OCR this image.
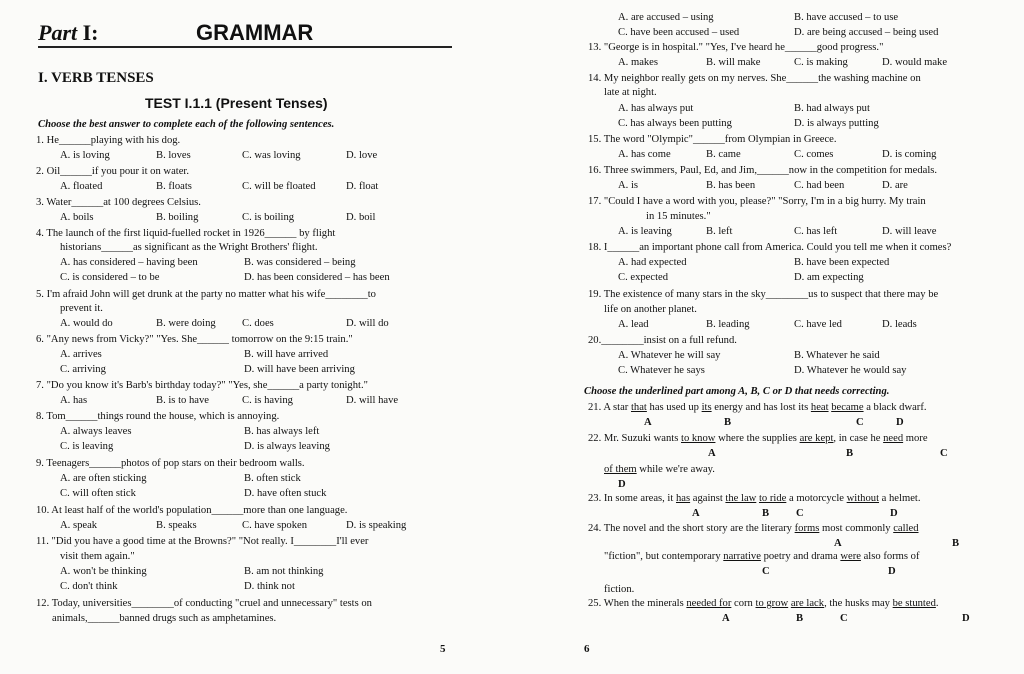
Part I:	GRAMMAR
I. VERB TENSES
TEST I.1.1 (Present Tenses)
Choose the best answer to complete each of the following sentences.
1. He______playing with his dog.
A. is loving	B. loves	C. was loving	D. love
2. Oil______if you pour it on water.
A. floated	B. floats	C. will be floated	D. float
3. Water______at 100 degrees Celsius.
A. boils	B. boiling	C. is boiling	D. boil
4. The launch of the first liquid-fuelled rocket in 1926______ by flight
historians______as significant as the Wright Brothers' flight.
A. has considered – having been	B. was considered – being
C. is considered – to be	D. has been considered – has been
5. I'm afraid John will get drunk at the party no matter what his wife________to
prevent it.
A. would do	B. were doing C. does	D. will do
6. "Any news from Vicky?" "Yes. She______ tomorrow on the 9:15 train."
A. arrives	B. will have arrived
C. arriving	D. will have been arriving
7. "Do you know it's Barb's birthday today?" "Yes, she______a party tonight."
A. has	B. is to have	C. is having	D. will have
8. Tom______things round the house, which is annoying.
A. always leaves	B. has always left
C. is leaving	D. is always leaving
9. Teenagers______photos of pop stars on their bedroom walls.
A. are often sticking	B. often stick
C. will often stick	D. have often stuck
10. At least half of the world's population______more than one language.
A. speak	B. speaks	C. have spoken	D. is speaking
11. "Did you have a good time at the Browns?" "Not really. I________I'll ever
visit them again."
A. won't be thinking	B. am not thinking
C. don't think	D. think not
12. Today, universities________of conducting "cruel and unnecessary" tests on
animals,______banned drugs such as amphetamines.
5
A. are accused – using	B. have accused – to use
C. have been accused – used	D. are being accused – being used
13. "George is in hospital." "Yes, I've heard he______good progress."
A. makes	B. will make	C. is making	D. would make
14. My neighbor really gets on my nerves. She______the washing machine on
late at night.
A. has always put	B. had always put
C. has always been putting	D. is always putting
15. The word "Olympic"______from Olympian in Greece.
A. has come	B. came	C. comes	D. is coming
16. Three swimmers, Paul, Ed, and Jim,______now in the competition for medals.
A. is	B. has been	C. had been	D. are
17. "Could I have a word with you, please?" "Sorry, I'm in a big hurry. My train
in 15 minutes."
A. is leaving	B. left	C. has left	D. will leave
18. I______an important phone call from America. Could you tell me when it comes?
A. had expected	B. have been expected
C. expected	D. am expecting
19. The existence of many stars in the sky________us to suspect that there may be
life on another planet.
A. lead	B. leading	C. have led	D. leads
20.________insist on a full refund.
A. Whatever he will say	B. Whatever he said
C. Whatever he says	D. Whatever he would say
Choose the underlined part among A, B, C or D that needs correcting.
21. A star that has used up its energy and has lost its heat became a black dwarf.
A	B	C	D
22. Mr. Suzuki wants to know where the supplies are kept, in case he need more
A	B	C
of them while we're away.
D
23. In some areas, it has against the law to ride a motorcycle without a helmet.
A	B	C	D
24. The novel and the short story are the literary forms most commonly called
A	B
"fiction", but contemporary narrative poetry and drama were also forms of
C	D
fiction.
25. When the minerals needed for corn to grow are lack, the husks may be stunted.
A	B	C	D
6
